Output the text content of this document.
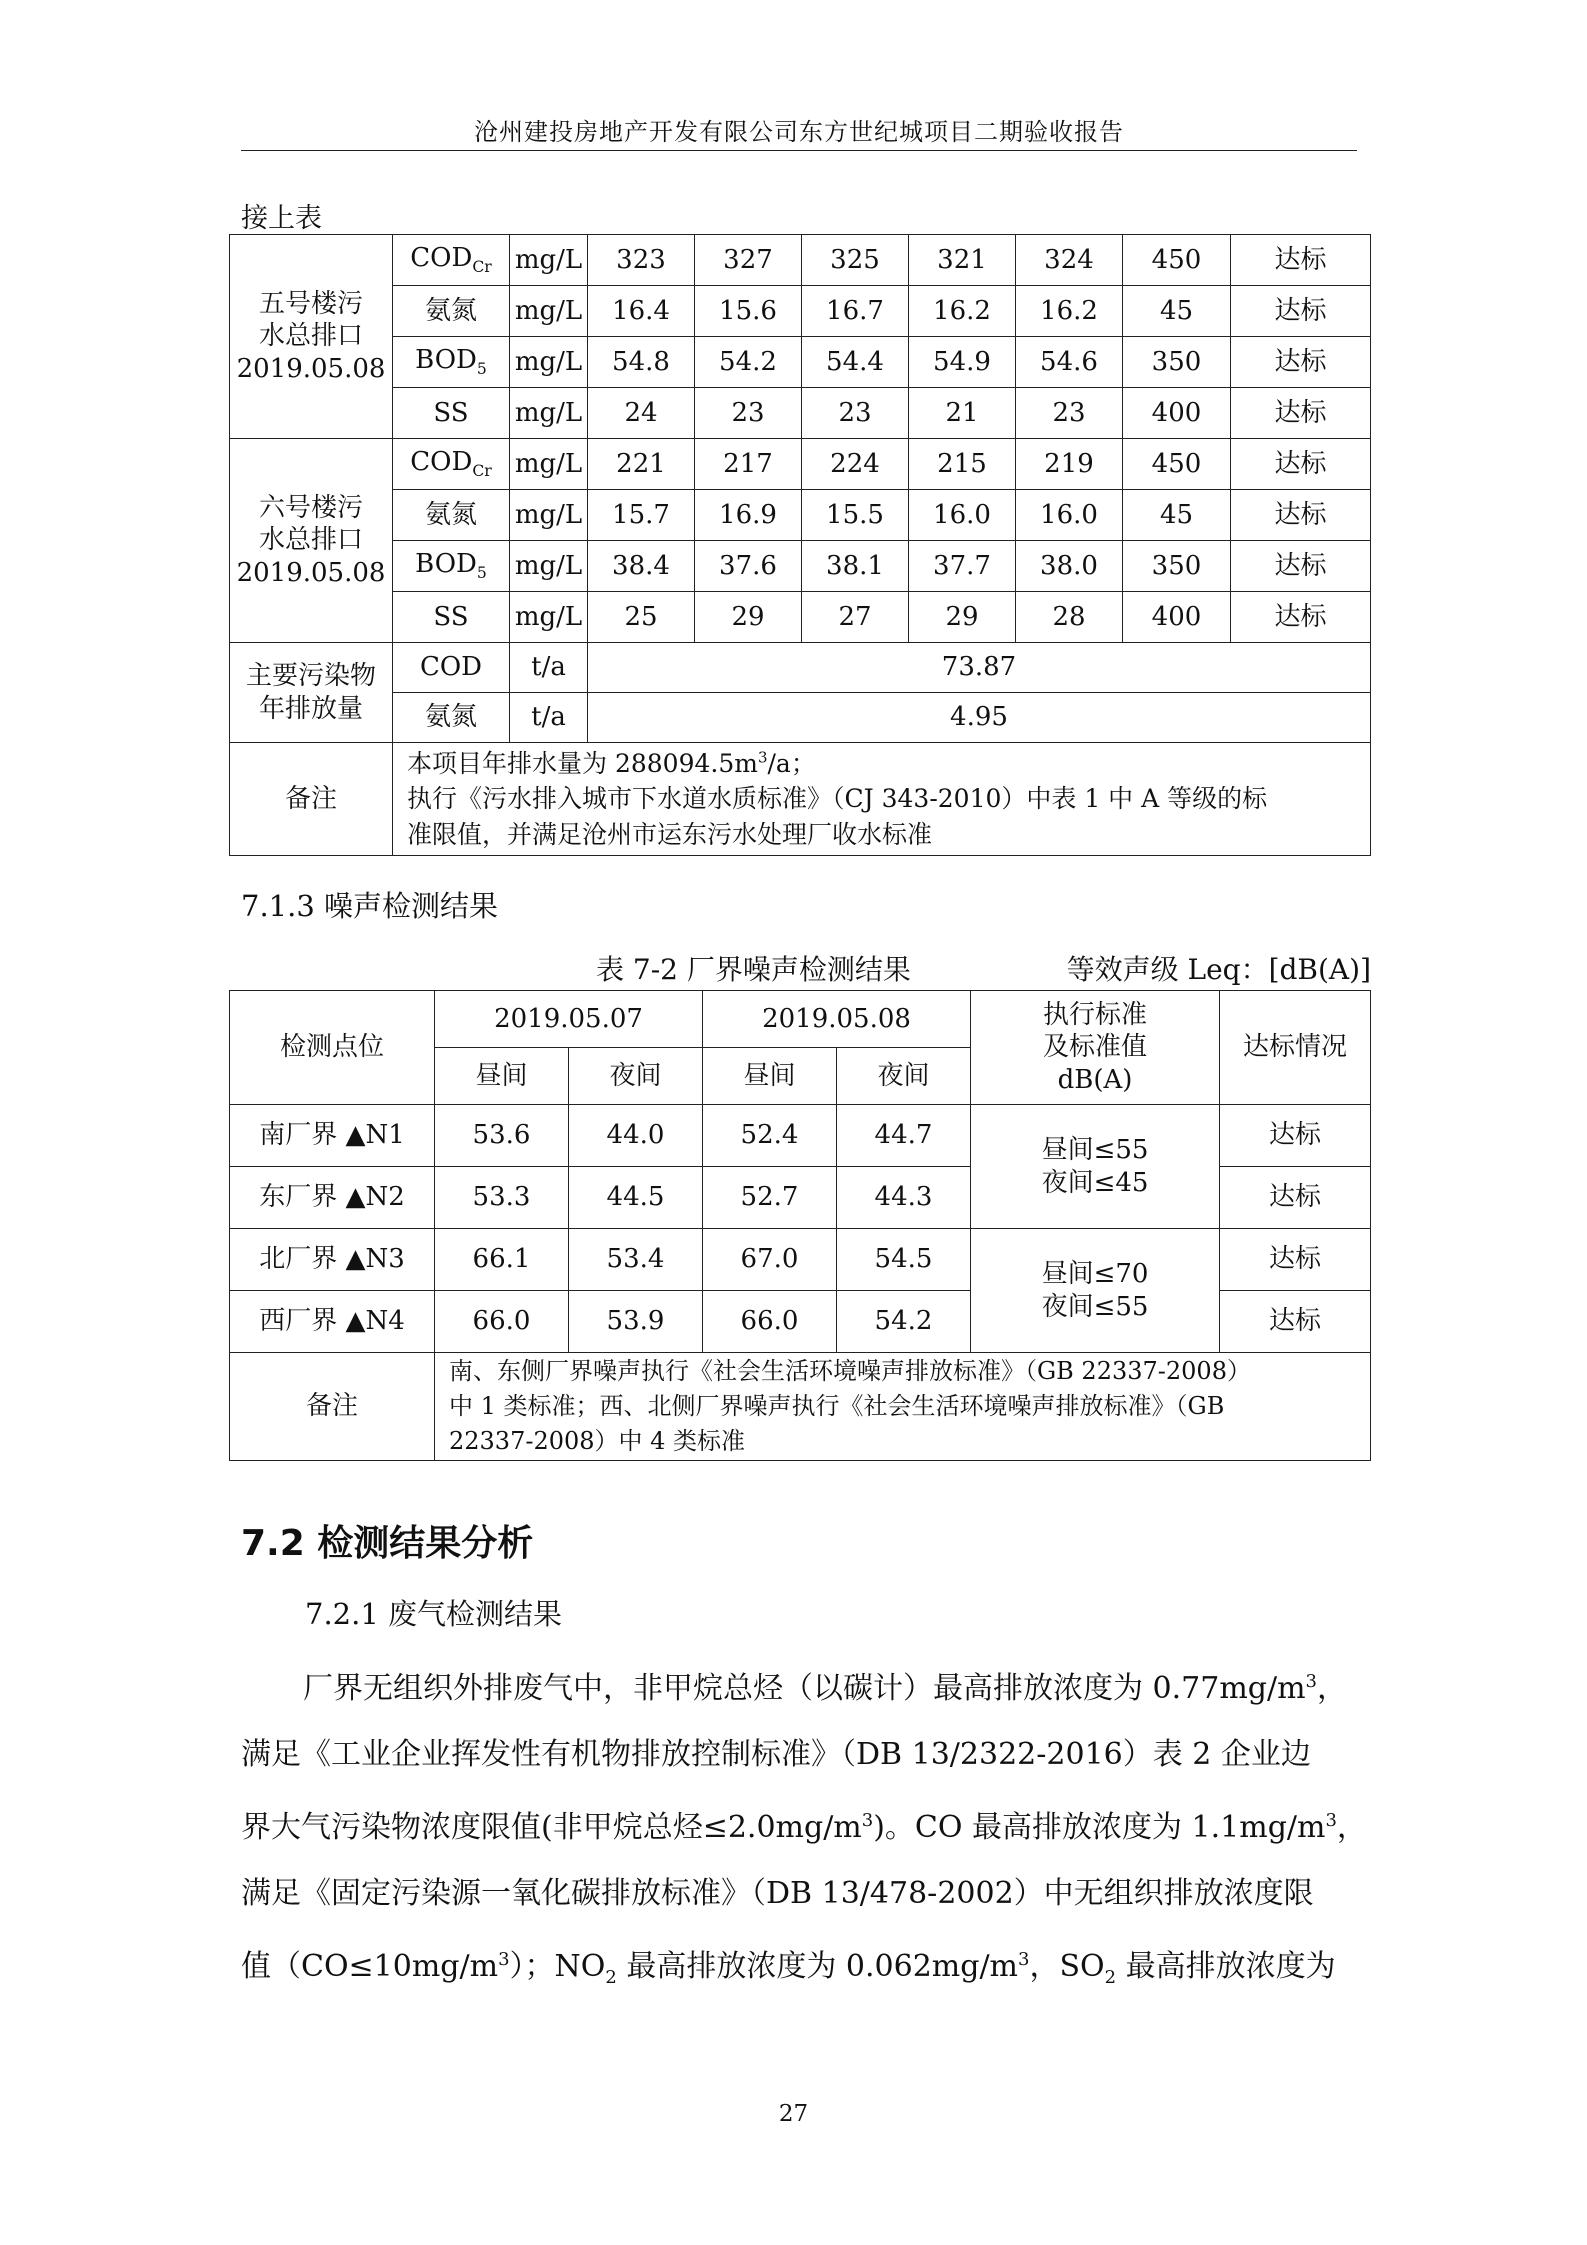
沧州建投房地产开发有限公司东方世纪城项目二期验收报告
接上表
五号楼污
水总排口
2019.05.08	$COD_{Cr}$	mg/L	323	327	325	321	324	450	达标
	氨氮	mg/L	16.4	15.6	16.7	16.2	16.2	45	达标
	$BOD_5$	mg/L	54.8	54.2	54.4	54.9	54.6	350	达标
	SS	mg/L	24	23	23	21	23	400	达标

六号楼污
水总排口
2019.05.08	$COD_{Cr}$	mg/L	221	217	224	215	219	450	达标
	氨氮	mg/L	15.7	16.9	15.5	16.0	16.0	45	达标
	$BOD_5$	mg/L	38.4	37.6	38.1	37.7	38.0	350	达标
	SS	mg/L	25	29	27	29	28	400	达标

主要污染物
年排放量	COD	t/a	73.87						
	氨氮	t/a	4.95						
备注	本项目年排水量为 $288094.5m^3/a$；
执行《污水排入城市下水道水质标准》（CJ 343-2010）中表 1 中 A 等级的标
准限值，并满足沧州市运东污水处理厂收水标准								
7.1.3 噪声检测结果
表 7-2 厂界噪声检测结果	等效声级 Leq：[dB(A)]
检测点位	2019.05.07		2019.05.08		执行标准
及标准值
dB(A)	达标情况
	昼间	夜间	昼间	夜间		
南厂界 ▲N1	53.6	44.0	52.4	44.7	昼间≤55
夜间≤45	达标
东厂界 ▲N2	53.3	44.5	52.7	44.3		达标
北厂界 ▲N3	66.1	53.4	67.0	54.5	昼间≤70
夜间≤55	达标
西厂界 ▲N4	66.0	53.9	66.0	54.2		达标
备注	南、东侧厂界噪声执行《社会生活环境噪声排放标准》（GB 22337-2008）
中 1 类标准；西、北侧厂界噪声执行《社会生活环境噪声排放标准》（GB
22337-2008）中 4 类标准					
7.2 检测结果分析
7.2.1 废气检测结果
厂界无组织外排废气中，非甲烷总烃（以碳计）最高排放浓度为 $0.77mg/m^3$，
满足《工业企业挥发性有机物排放控制标准》（DB 13/2322-2016）表 2 企业边
界大气污染物浓度限值(非甲烷总烃$\le 2.0mg/m^3$)。CO 最高排放浓度为 $1.1mg/m^3$，
满足《固定污染源一氧化碳排放标准》（DB 13/478-2002）中无组织排放浓度限
值$(CO\le 10mg/m^3)$；$NO_2$ 最高排放浓度为 $0.062mg/m^3$，$SO_2$ 最高排放浓度为
27
